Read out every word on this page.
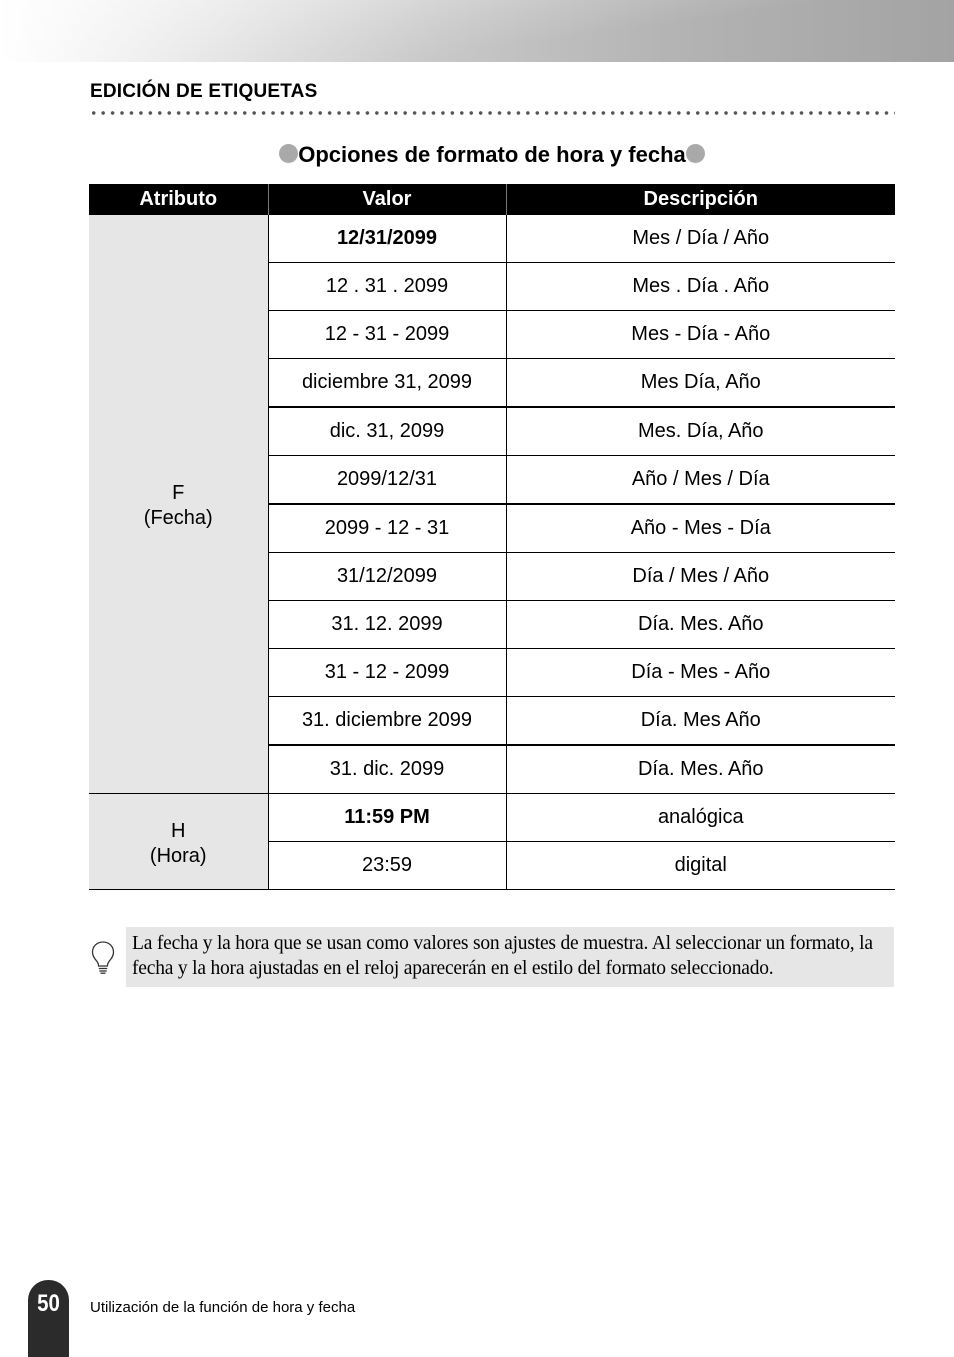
EDICIÓN DE ETIQUETAS
Opciones de formato de hora y fecha
Atributo	Valor	Descripción

F
(Fecha)	12/31/2099	Mes / Día / Año
	12 . 31 . 2099	Mes . Día . Año
	12 - 31 - 2099	Mes - Día - Año
	diciembre 31, 2099	Mes Día, Año
	dic. 31, 2099	Mes. Día, Año
	2099/12/31	Año / Mes / Día
	2099 - 12 - 31	Año - Mes - Día
	31/12/2099	Día / Mes / Año
	31. 12. 2099	Día. Mes. Año
	31 - 12 - 2099	Día - Mes - Año
	31. diciembre 2099	Día. Mes Año
	31. dic. 2099	Día. Mes. Año

H
(Hora)	11:59 PM	analógica
	23:59	digital
La fecha y la hora que se usan como valores son ajustes de muestra. Al seleccionar un formato, la fecha y la hora ajustadas en el reloj aparecerán en el estilo del formato seleccionado.
50	Utilización de la función de hora y fecha
